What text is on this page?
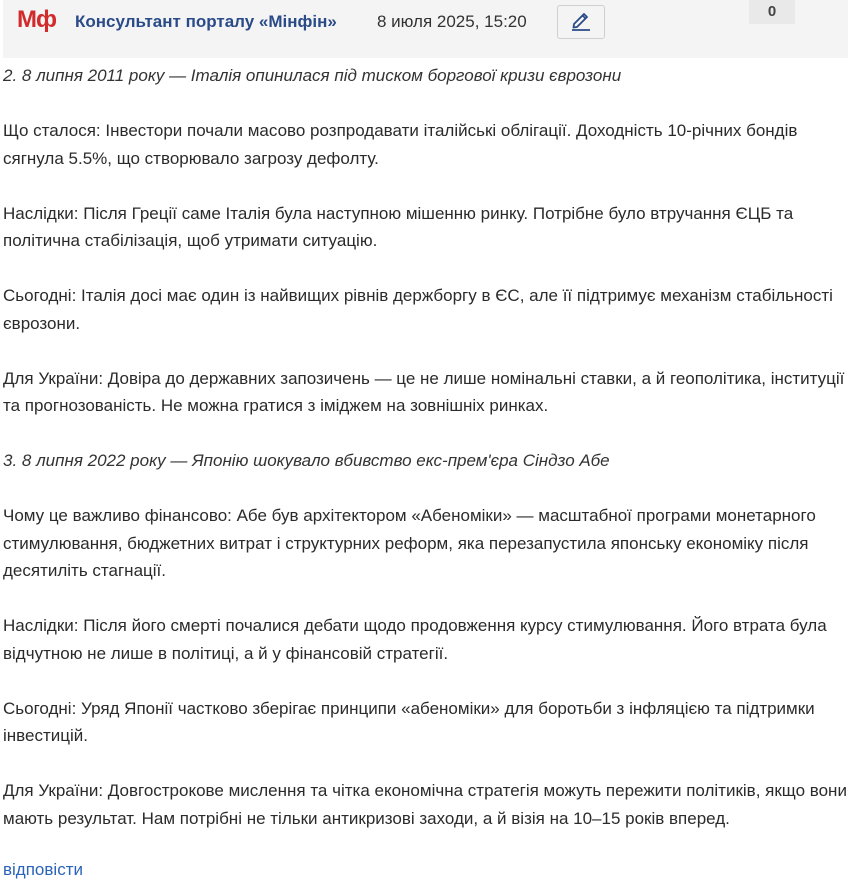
Мф Консультант порталу «Мінфін» 8 июля 2025, 15:20
0

2. 8 липня 2011 року — Італія опинилася під тиском боргової кризи єврозони

Що сталося: Інвестори почали масово розпродавати італійські облігації. Доходність 10-річних бондів сягнула 5.5%, що створювало загрозу дефолту.

Наслідки: Після Греції саме Італія була наступною мішенню ринку. Потрібне було втручання ЄЦБ та політична стабілізація, щоб утримати ситуацію.

Сьогодні: Італія досі має один із найвищих рівнів держборгу в ЄС, але її підтримує механізм стабільності єврозони.

Для України: Довіра до державних запозичень — це не лише номінальні ставки, а й геополітика, інституції та прогнозованість. Не можна гратися з іміджем на зовнішніх ринках.

3. 8 липня 2022 року — Японію шокувало вбивство екс-прем'єра Сіндзо Абе

Чому це важливо фінансово: Абе був архітектором «Абеноміки» — масштабної програми монетарного стимулювання, бюджетних витрат і структурних реформ, яка перезапустила японську економіку після десятиліть стагнації.

Наслідки: Після його смерті почалися дебати щодо продовження курсу стимулювання. Його втрата була відчутною не лише в політиці, а й у фінансовій стратегії.

Сьогодні: Уряд Японії частково зберігає принципи «абеноміки» для боротьби з інфляцією та підтримки інвестицій.

Для України: Довгострокове мислення та чітка економічна стратегія можуть пережити політиків, якщо вони мають результат. Нам потрібні не тільки антикризові заходи, а й візія на 10–15 років вперед.

відповісти
